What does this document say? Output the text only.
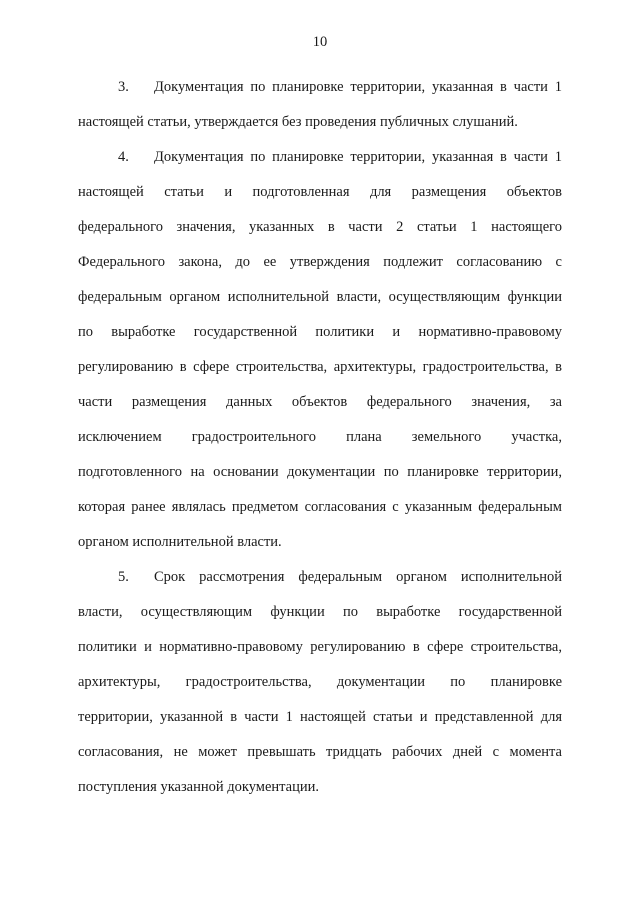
10
3. Документация по планировке территории, указанная в части 1
настоящей статьи, утверждается без проведения публичных слушаний.
4. Документация по планировке территории, указанная в части 1
настоящей статьи и подготовленная для размещения объектов
федерального значения, указанных в части 2 статьи 1 настоящего
Федерального закона, до ее утверждения подлежит согласованию с
федеральным органом исполнительной власти, осуществляющим функции
по выработке государственной политики и нормативно-правовому
регулированию в сфере строительства, архитектуры, градостроительства, в
части размещения данных объектов федерального значения, за
исключением градостроительного плана земельного участка,
подготовленного на основании документации по планировке территории,
которая ранее являлась предметом согласования с указанным федеральным
органом исполнительной власти.
5. Срок рассмотрения федеральным органом исполнительной
власти, осуществляющим функции по выработке государственной
политики и нормативно-правовому регулированию в сфере строительства,
архитектуры, градостроительства, документации по планировке
территории, указанной в части 1 настоящей статьи и представленной для
согласования, не может превышать тридцать рабочих дней с момента
поступления указанной документации.
